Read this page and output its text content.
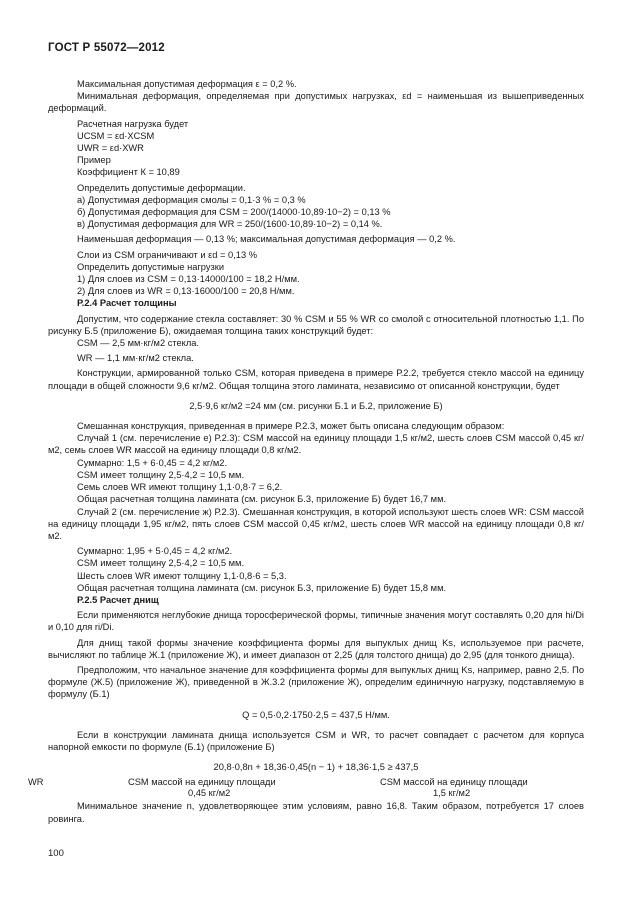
ГОСТ Р 55072—2012

Максимальная допустимая деформация ε = 0,2 %.

Минимальная деформация, определяемая при допустимых нагрузках, εd = наименьшая из вышеприведенных деформаций.

Расчетная нагрузка будет

UCSM = εd·XCSM

UWR = εd·XWR

Пример

Коэффициент К = 10,89

Определить допустимые деформации.

а) Допустимая деформация смолы = 0,1·3 % = 0,3 %

б) Допустимая деформация для CSM = 200/(14000·10,89·10−2) = 0,13 %

в) Допустимая деформация для WR = 250/(1600·10,89·10−2) = 0,14 %.

Наименьшая деформация — 0,13 %; максимальная допустимая деформация — 0,2 %.

Слои из CSM ограничивают и εd = 0,13 %

Определить допустимые нагрузки

1) Для слоев из CSM = 0,13·14000/100 = 18,2 Н/мм.

2) Для слоев из WR = 0,13·16000/100 = 20,8 Н/мм.

Р.2.4 Расчет толщины

Допустим, что содержание стекла составляет: 30 % CSM и 55 % WR со смолой с относительной плотностью 1,1. По рисунку Б.5 (приложение Б), ожидаемая толщина таких конструкций будет:

CSM — 2,5 мм·кг/м2 стекла.

WR — 1,1 мм·кг/м2 стекла.

Конструкции, армированной только CSM, которая приведена в примере Р.2.2, требуется стекло массой на единицу площади в общей сложности 9,6 кг/м2. Общая толщина этого ламината, независимо от описанной конструкции, будет

2,5·9,6 кг/м2 =24 мм (см. рисунки Б.1 и Б.2, приложение Б)

Смешанная конструкция, приведенная в примере Р.2.3, может быть описана следующим образом:

Случай 1 (см. перечисление е) Р.2.3): CSM массой на единицу площади 1,5 кг/м2, шесть слоев CSM массой 0,45 кг/м2, семь слоев WR массой на единицу площади 0,8 кг/м2.

Суммарно: 1,5 + 6·0,45 = 4,2 кг/м2.

CSM имеет толщину 2,5·4,2 = 10,5 мм.

Семь слоев WR имеют толщину 1,1·0,8·7 = 6,2.

Общая расчетная толщина ламината (см. рисунок Б.3, приложение Б) будет 16,7 мм.

Случай 2 (см. перечисление ж) Р.2.3). Смешанная конструкция, в которой используют шесть слоев WR: CSM массой на единицу площади 1,95 кг/м2, пять слоев CSM массой 0,45 кг/м2, шесть слоев WR массой на единицу площади 0,8 кг/м2.

Суммарно: 1,95 + 5·0,45 = 4,2 кг/м2.

CSM имеет толщину 2,5·4,2 = 10,5 мм.

Шесть слоев WR имеют толщину 1,1·0,8·6 = 5,3.

Общая расчетная толщина ламината (см. рисунок Б.3, приложение Б) будет 15,8 мм.

Р.2.5 Расчет днищ

Если применяются неглубокие днища торосферической формы, типичные значения могут составлять 0,20 для hi/Di и 0,10 для ri/Di.

Для днищ такой формы значение коэффициента формы для выпуклых днищ Ks, используемое при расчете, вычисляют по таблице Ж.1 (приложение Ж), и имеет диапазон от 2,25 (для толстого днища) до 2,95 (для тонкого днища).

Предположим, что начальное значение для коэффициента формы для выпуклых днищ Ks, например, равно 2,5. По формуле (Ж.5) (приложение Ж), приведенной в Ж.3.2 (приложение Ж), определим единичную нагрузку, подставляемую в формулу (Б.1)

Q = 0,5·0,2·1750·2,5 = 437,5 Н/мм.

Если в конструкции ламината днища используется CSM и WR, то расчет совпадает с расчетом для корпуса напорной емкости по формуле (Б.1) (приложение Б)

20,8·0,8n + 18,36·0,45(n − 1) + 18,36·1,5 ≥ 437,5

WR	CSM массой на единицу площади
0,45 кг/м2
CSM массой на единицу площади
1,5 кг/м2

Минимальное значение n, удовлетворяющее этим условиям, равно 16,8. Таким образом, потребуется 17 слоев ровинга.

100
